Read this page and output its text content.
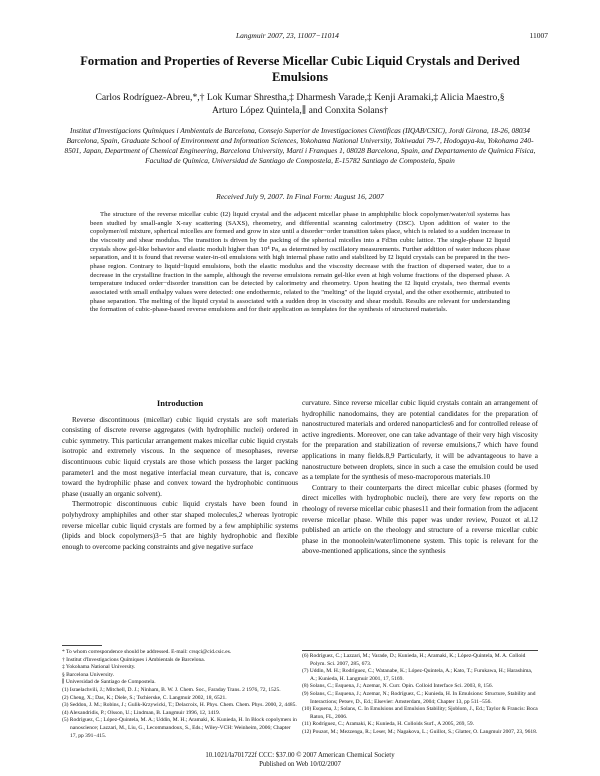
Langmuir 2007, 23, 11007−11014	11007
Formation and Properties of Reverse Micellar Cubic Liquid Crystals and Derived Emulsions
Carlos Rodríguez-Abreu,*,† Lok Kumar Shrestha,‡ Dharmesh Varade,‡ Kenji Aramaki,‡ Alicia Maestro,§ Arturo López Quintela,∥ and Conxita Solans†
Institut d'Investigacions Químiques i Ambientals de Barcelona, Consejo Superior de Investigaciones Científicas (IIQAB/CSIC), Jordi Girona, 18-26, 08034 Barcelona, Spain, Graduate School of Environment and Information Sciences, Yokohama National University, Tokiwadai 79-7, Hodogaya-ku, Yokohama 240-8501, Japan, Department of Chemical Engineering, Barcelona University, Martí i Franques 1, 08028 Barcelona, Spain, and Departamento de Química Física, Facultad de Química, Universidad de Santiago de Compostela, E-15782 Santiago de Compostela, Spain
Received July 9, 2007. In Final Form: August 16, 2007
The structure of the reverse micellar cubic (I2) liquid crystal and the adjacent micellar phase in amphiphilic block copolymer/water/oil systems has been studied by small-angle X-ray scattering (SAXS), rheometry, and differential scanning calorimetry (DSC). Upon addition of water to the copolymer/oil mixture, spherical micelles are formed and grow in size until a disorder−order transition takes place, which is related to a sudden increase in the viscosity and shear modulus. The transition is driven by the packing of the spherical micelles into a Fd3m cubic lattice. The single-phase I2 liquid crystals show gel-like behavior and elastic moduli higher than 10⁴ Pa, as determined by oscillatory measurements. Further addition of water induces phase separation, and it is found that reverse water-in-oil emulsions with high internal phase ratio and stabilized by I2 liquid crystals can be prepared in the two-phase region. Contrary to liquid−liquid emulsions, both the elastic modulus and the viscosity decrease with the fraction of dispersed water, due to a decrease in the crystalline fraction in the sample, although the reverse emulsions remain gel-like even at high volume fractions of the dispersed phase. A temperature induced order−disorder transition can be detected by calorimetry and rheometry. Upon heating the I2 liquid crystals, two thermal events associated with small enthalpy values were detected: one endothermic, related to the "melting" of the liquid crystal, and the other exothermic, attributed to phase separation. The melting of the liquid crystal is associated with a sudden drop in viscosity and shear moduli. Results are relevant for understanding the formation of cubic-phase-based reverse emulsions and for their application as templates for the synthesis of structured materials.
Introduction

Reverse discontinuous (micellar) cubic liquid crystals are soft materials consisting of discrete reverse aggregates (with hydrophilic nuclei) ordered in cubic symmetry. This particular arrangement makes micellar cubic liquid crystals isotropic and extremely viscous. In the sequence of mesophases, reverse discontinuous cubic liquid crystals are those which possess the larger packing parameter1 and the most negative interfacial mean curvature, that is, concave toward the hydrophilic phase and convex toward the hydrophobic continuous phase (usually an organic solvent).

Thermotropic discontinuous cubic liquid crystals have been found in polyhydroxy amphiphiles and other star shaped molecules,2 whereas lyotropic reverse micellar cubic liquid crystals are formed by a few amphiphilic systems (lipids and block copolymers)3−5 that are highly hydrophobic and flexible enough to overcome packing constraints and give negative surface

curvature. Since reverse micellar cubic liquid crystals contain an arrangement of hydrophilic nanodomains, they are potential candidates for the preparation of nanostructured materials and ordered nanoparticles6 and for controlled release of active ingredients. Moreover, one can take advantage of their very high viscosity for the preparation and stabilization of reverse emulsions,7 which have found applications in many fields.8,9 Particularly, it will be advantageous to have a nanostructure between droplets, since in such a case the emulsion could be used as a template for the synthesis of meso-macroporous materials.10

Contrary to their counterparts the direct micellar cubic phases (formed by direct micelles with hydrophobic nuclei), there are very few reports on the rheology of reverse micellar cubic phases11 and their formation from the adjacent reverse micellar phase. While this paper was under review, Pouzot et al.12 published an article on the rheology and structure of a reverse micellar cubic phase in the monoolein/water/limonene system. This topic is relevant for the above-mentioned applications, since the synthesis

* To whom correspondence should be addressed. E-mail: crsqci@cid.csic.es.
† Institut d'Investigacions Químiques i Ambientals de Barcelona.
‡ Yokohama National University.
§ Barcelona University.
∥ Universidad de Santiago de Compostela.
(1) Israelachvili, J.; Mitchell, D. J.; Ninham, B. W. J. Chem. Soc., Faraday Trans. 2 1976, 72, 1525.
(2) Cheng, X.; Das, K.; Diele, S.; Tschierske, C. Langmuir 2002, 18, 6521.
(3) Seddon, J. M.; Robins, J.; Gulik-Krzywicki, T.; Delacroix, H. Phys. Chem. Chem. Phys. 2000, 2, 4485.
(4) Alexandridis, P.; Olsson, U.; Lindman, B. Langmuir 1996, 12, 1419.
(5) Rodríguez, C.; López-Quintela, M. A.; Uddin, M. H.; Aramaki, K. Kunieda, H. In Block copolymers in nanoscience; Lazzari, M., Liu, G., Lecommandoux, S., Eds.; Wiley-VCH: Weinheim, 2006; Chapter 17, pp 391−415.
(6) Rodríguez, C.; Lazzari, M.; Varade, D.; Kunieda, H.; Aramaki, K.; López-Quintela, M. A. Colloid Polym. Sci. 2007, 285, 673.
(7) Uddin, M. H.; Rodríguez, C.; Watanabe, K.; López-Quintela, A.; Kato, T.; Furukawa, H.; Harashima, A.; Kunieda, H. Langmuir 2001, 17, 5169.
(8) Solans, C.; Esquena, J.; Azemar, N. Curr. Opin. Colloid Interface Sci. 2003, 8, 156.
(9) Solans, C.; Esquena, J.; Azemar, N.; Rodríguez, C.; Kunieda, H. In Emulsions: Structure, Stability and Interactions; Petsev, D., Ed.; Elsevier: Amsterdam, 2004; Chapter 13, pp 511−556.
(10) Esquena, J.; Solans, C. In Emulsions and Emulsion Stability; Sjoblom, J., Ed.; Taylor & Francis: Boca Raton, FL, 2006.
(11) Rodríguez, C.; Aramaki, K.; Kunieda, H. Colloids Surf., A 2005, 269, 59.
(12) Pouzot, M.; Mezzenga, R.; Leser, M.; Nagakova, L.; Guillot, S.; Glatter, O. Langmuir 2007, 23, 9618.
10.1021/la701722f CCC: $37.00 © 2007 American Chemical Society
Published on Web 10/02/2007
